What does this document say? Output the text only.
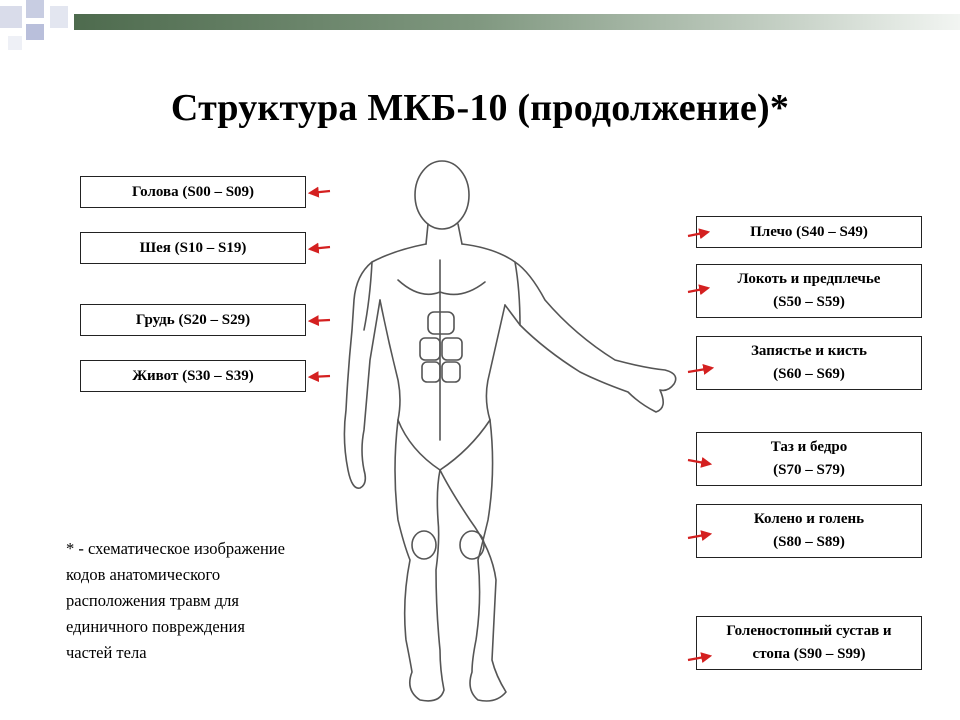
Структура МКБ-10 (продолжение)*
Голова (S00 – S09)
Шея (S10 – S19)
Грудь (S20 – S29)
Живот (S30 – S39)
Плечо (S40 – S49)
Локоть и предплечье
(S50 – S59)
Запястье и кисть
(S60 – S69)
Таз и бедро
(S70 – S79)
Колено и голень
(S80 – S89)
Голеностопный сустав и
стопа (S90 – S99)
* - схематическое изображение
кодов анатомического
расположения травм для
единичного повреждения
частей тела
